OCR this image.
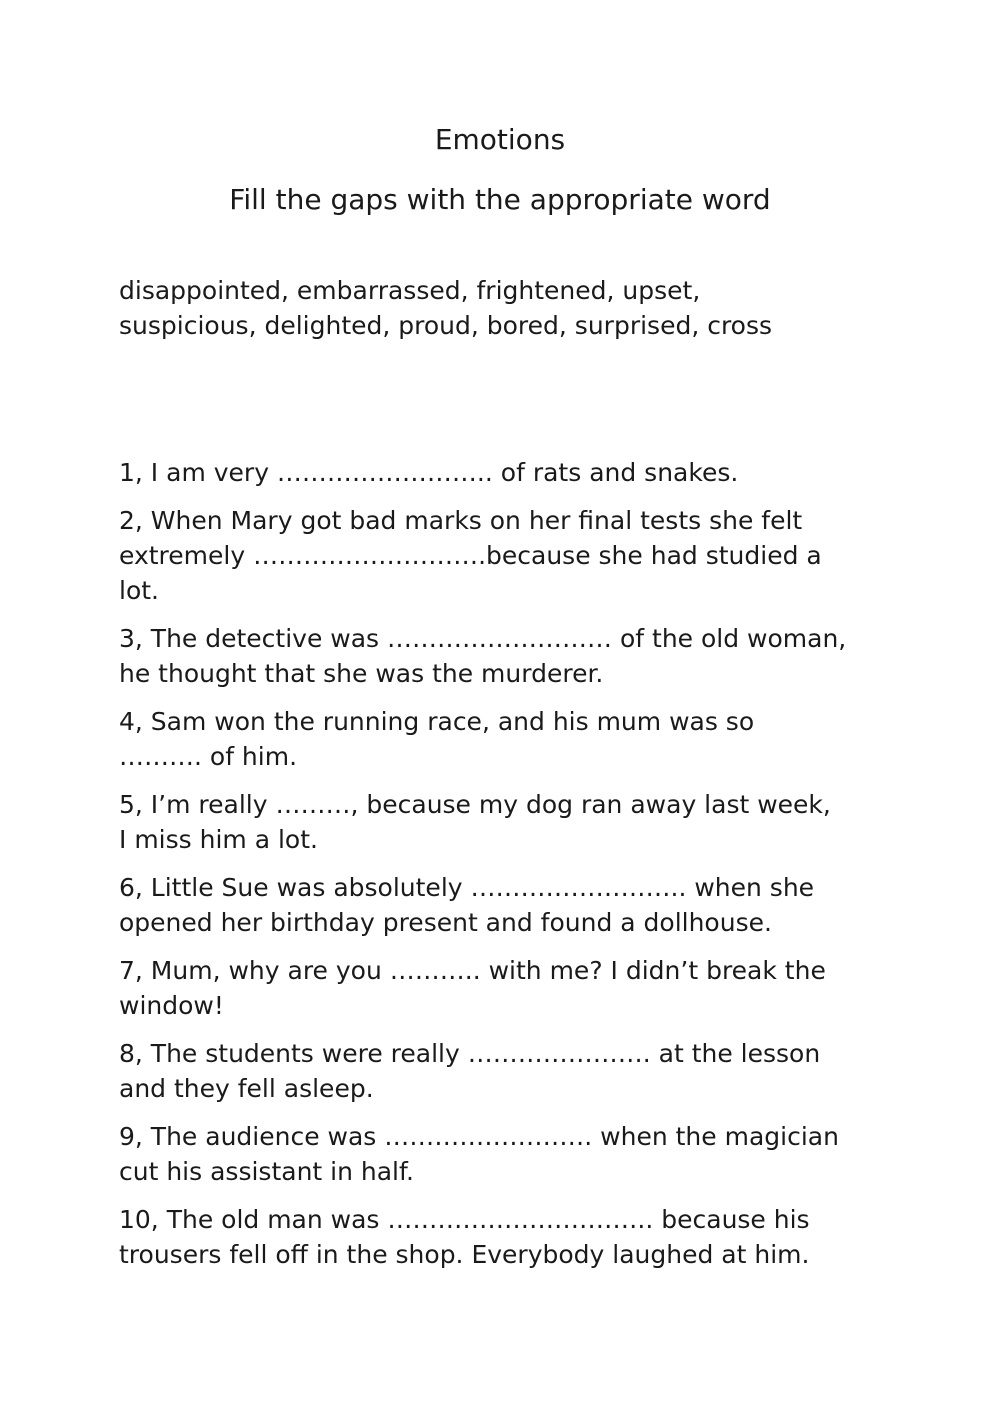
Emotions
Fill the gaps with the appropriate word

disappointed, embarrassed, frightened, upset,
suspicious, delighted, proud, bored, surprised, cross

1, I am very …………………….. of rats and snakes.
2, When Mary got bad marks on her final tests she felt
extremely ……………………….because she had studied a
lot.
3, The detective was ……………………… of the old woman,
he thought that she was the murderer.
4, Sam won the running race, and his mum was so
………. of him.
5, I’m really ………, because my dog ran away last week,
I miss him a lot.
6, Little Sue was absolutely …………………….. when she
opened her birthday present and found a dollhouse.
7, Mum, why are you ……….. with me? I didn’t break the
window!
8, The students were really …………………. at the lesson
and they fell asleep.
9, The audience was ……………………. when the magician
cut his assistant in half.
10, The old man was ………………………….. because his
trousers fell off in the shop. Everybody laughed at him.
